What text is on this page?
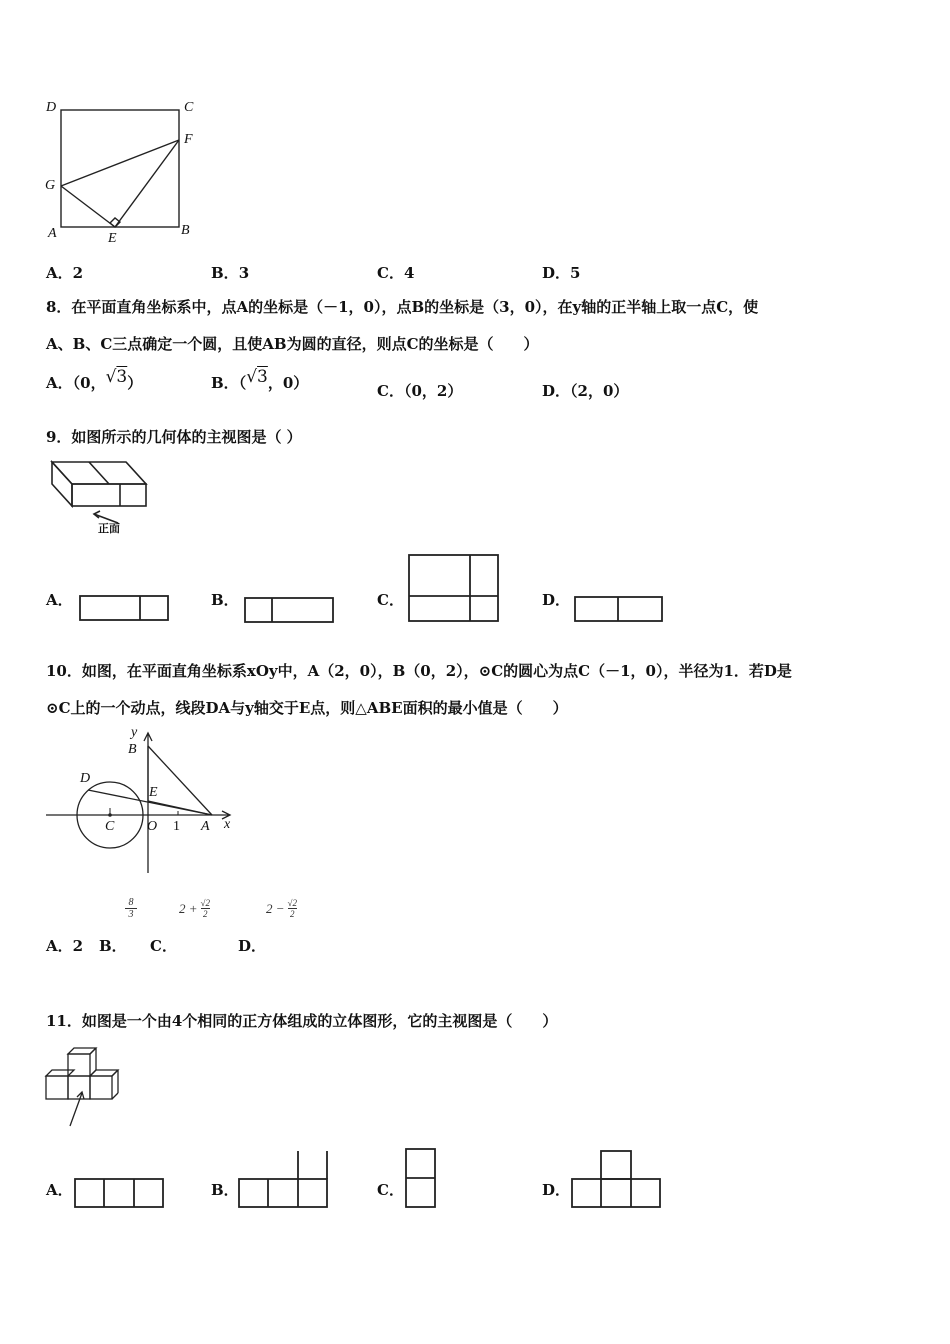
D	C
F
G
A	E
B
A．2	B．3	C．4	D．5
8．在平面直角坐标系中，点A的坐标是（－1，0），点B的坐标是（3，0），在y轴的正半轴上取一点C，使
A、B、C三点确定一个圆，且使AB为圆的直径，则点C的坐标是（　　）
A．（0，√3）	B．（√3，0）	C．（0，2）	D．（2，0）
9．如图所示的几何体的主视图是（ ）
正面
A．	B．	C．	D．
10．如图，在平面直角坐标系xOy中，A（2，0），B（0，2），⊙C的圆心为点C（－1，0），半径为1．若D是
⊙C上的一个动点，线段DA与y轴交于E点，则△ABE面积的最小值是（　　）
y
B
D
E
C O 1 A x
8
3	$2 + \frac{√2}{2}$	$2 - \frac{√2}{2}$
A．2 B． C．	D．
11．如图是一个由4个相同的正方体组成的立体图形，它的主视图是（　　）
A．	B．	C．	D．
